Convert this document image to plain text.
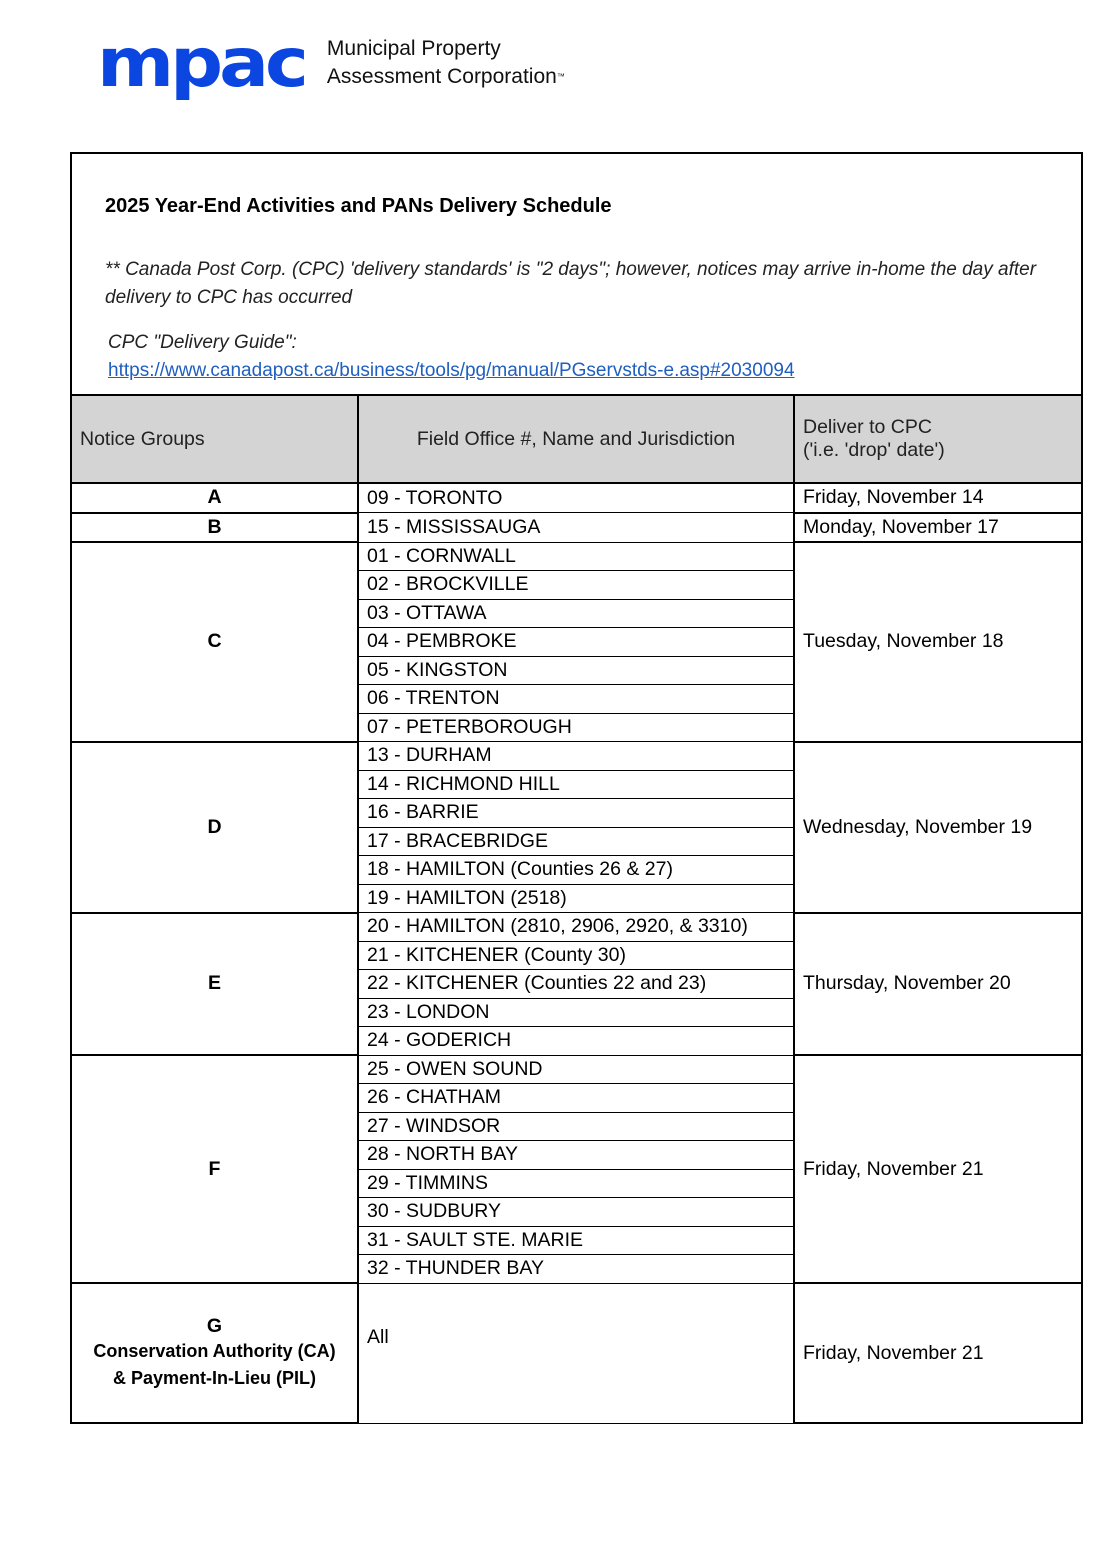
mpac Municipal Property
Assessment Corporation™
2025 Year-End Activities and PANs Delivery Schedule
** Canada Post Corp. (CPC) 'delivery standards' is "2 days"; however, notices may arrive in-home the day after delivery to CPC has occurred
CPC "Delivery Guide":
https://www.canadapost.ca/business/tools/pg/manual/PGservstds-e.asp#2030094
Notice Groups	Field Office #, Name and Jurisdiction	Deliver to CPC
('i.e. 'drop' date')

A	09 - TORONTO	Friday, November 14

B	15 - MISSISSAUGA	Monday, November 17

C	01 - CORNWALL	Tuesday, November 18
	02 - BROCKVILLE	
	03 - OTTAWA	
	04 - PEMBROKE	
	05 - KINGSTON	
	06 - TRENTON	
	07 - PETERBOROUGH	

D	13 - DURHAM	Wednesday, November 19
	14 - RICHMOND HILL	
	16 - BARRIE	
	17 - BRACEBRIDGE	
	18 - HAMILTON (Counties 26 & 27)	
	19 - HAMILTON (2518)	

E	20 - HAMILTON (2810, 2906, 2920, & 3310)	Thursday, November 20
	21 - KITCHENER (County 30)	
	22 - KITCHENER (Counties 22 and 23)	
	23 - LONDON	
	24 - GODERICH	

F	25 - OWEN SOUND	Friday, November 21
	26 - CHATHAM	
	27 - WINDSOR	
	28 - NORTH BAY	
	29 - TIMMINS	
	30 - SUDBURY	
	31 - SAULT STE. MARIE	
	32 - THUNDER BAY	

G
Conservation Authority (CA)
& Payment-In-Lieu (PIL)	All	Friday, November 21
